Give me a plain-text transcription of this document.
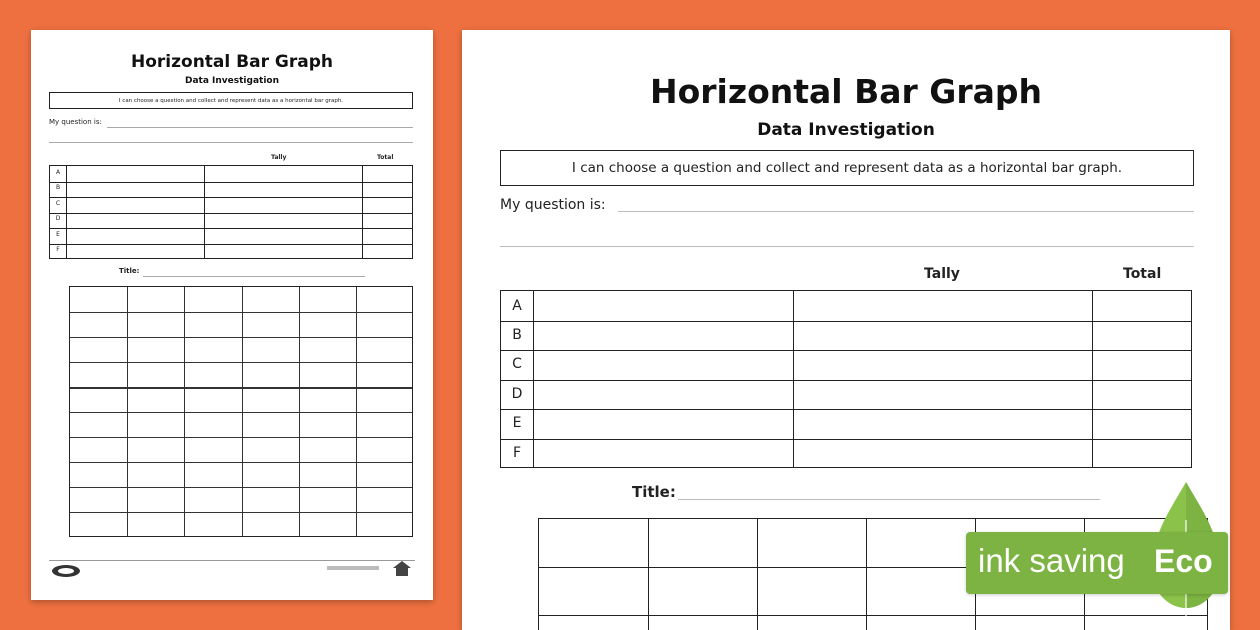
Horizontal Bar Graph
Data Investigation
I can choose a question and collect and represent data as a horizontal bar graph.
My question is:
Tally	Total
A
B
C
D
E
F
Title:
Horizontal Bar Graph
Data Investigation
I can choose a question and collect and represent data as a horizontal bar graph.
My question is:
Tally	Total
A
B
C
D
E
F
Title:
ink saving Eco
